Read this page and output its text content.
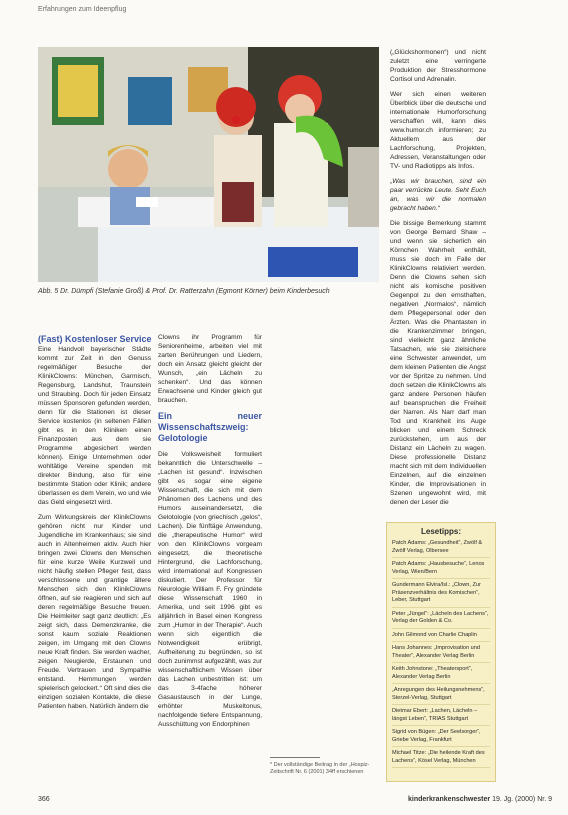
Erfahrungen zum Ideenpflug
Abb. 5 Dr. Dümpfi (Stefanie Groß) & Prof. Dr. Ratterzahn (Egmont Körner) beim Kinderbesuch
(Fast) Kostenloser Service

Eine Handvoll bayerischer Städte kommt zur Zeit in den Genuss regelmäßiger Besuche der KlinikClowns: München, Garmisch, Regensburg, Landshut, Traunstein und Straubing. Doch für jeden Einsatz müssen Sponsoren gefunden werden, denn für die Stationen ist dieser Service kostenlos (in seltenen Fällen gibt es in den Kliniken einen Finanzposten aus dem sie Programme abgesichert werden können). Einige Unternehmen oder wohltätige Vereine spenden mit direkter Bindung, also für eine bestimmte Station oder Klinik; andere überlassen es dem Verein, wo und wie das Geld eingesetzt wird.

Zum Wirkungskreis der KlinikClowns gehören nicht nur Kinder und Jugendliche im Krankenhaus; sie sind auch in Altenheimen aktiv. Auch hier bringen zwei Clowns den Menschen für eine kurze Weile Kurzweil und nicht häufig stellen Pfleger fest, dass verschlossene und grantige ältere Menschen sich den KlinikClowns öffnen, auf sie reagieren und sich auf deren regelmäßige Besuche freuen. Die Heimleiter sagt ganz deutlich: „Es zeigt sich, dass Demenzkranke, die sonst kaum soziale Reaktionen zeigen, im Umgang mit den Clowns neue Kraft finden. Sie werden wacher, zeigen Neugierde, Erstaunen und Freude. Vertrauen und Sympathie entstand. Hemmungen werden spielerisch gelockert.“ Oft sind dies die einzigen sozialen Kontakte, die diese Patienten haben. Natürlich ändern die

Clowns ihr Programm für Seniorenheime, arbeiten viel mit zarten Berührungen und Liedern, doch ein Ansatz gleicht gleicht der Wunsch, „ein Lächeln zu schenken“. Und das können Erwachsene und Kinder gleich gut brauchen.

Ein neuer Wissenschaftszweig: Gelotologie

Die Volksweisheit formuliert bekanntlich die Unterschwelle – „Lachen ist gesund“. Inzwischen gibt es sogar eine eigene Wissenschaft, die sich mit dem Phänomen des Lachens und des Humors auseinandersetzt, die Gelotologie (von griechisch „gelos“, Lachen). Die fünftäge Anwendung, die „therapeutische Humor“ wird von den KlinikClowns vorgeam eingesetzt, die theoretische Hintergrund, die Lachforschung, wird international auf Kongressen diskutiert. Der Professor für Neurologie William F. Fry gründete diese Wissenschaft 1960 in Amerika, und seit 1996 gibt es alljährlich in Basel einen Kongress zum „Humor in der Therapie“. Auch wenn sich eigentlich die Notwendigkeit erübrigt, Aufheiterung zu begründen, so ist doch zunimmst aufgezählt, was zur wissenschaftlichem Wissen über das Lachen unbestritten ist: um das 3-4fache höherer Gasaustausch in der Lunge, erhöhter Muskeltonus, nachfolgende tiefere Entspannung, Ausschüttung von Endorphinen

* Der vollständige Beitrag in der „Hospiz-Zeitschrift Nr. 6 (2001) 34ff erschienen

(„Glückshormonen“) und nicht zuletzt eine verringerte Produktion der Stresshormone Cortisol und Adrenalin.

Wer sich einen weiteren Überblick über die deutsche und internationale Humorforschung verschaffen will, kann dies www.humor.ch informieren; zu Aktuellem aus der Lachforschung, Projekten, Adressen, Veranstaltungen oder TV- und Radiotipps als Infos.

„Was wir brauchen, sind ein paar verrückte Leute. Seht Euch an, was wir die normalen gebracht haben.“

Die bissige Bemerkung stammt von George Bernard Shaw – und wenn sie sicherlich ein Körnchen Wahrheit enthält, muss sie doch im Falle der KlinikClowns relativiert werden. Denn die Clowns sehen sich nicht als komische positiven Gegenpol zu den ernsthaften, negativen „Normalos“, nämlich dem Pflegepersonal oder den Ärzten. Was die Phantasten in die Krankenzimmer bringen, sind vielleicht ganz ähnliche Tatsachen, wie sie zielsichere eine Schwester anwendet, um dem kleinen Patienten die Angst vor der Spritze zu nehmen. Und doch setzen die KlinikClowns als ganz andere Personen häufen auf beanspruchen die Freiheit der Narren. Als Narr darf man Tod und Krankheit ins Auge blicken und einem Schreck zurückstehen, um aus der Distanz ein Lächeln zu wagen. Diese professionelle Distanz macht sich mit dem Individuellen Einzelnen, auf die einzelnen Kinder, die Improvisationen in Szenen ungewohnt wird, mit denen der Leser die

Lesetipps:
Patch Adams: „Gesundheit“, Zwölf & Zwölf Verlag, Olbersee
Patch Adams: „Hausbesuche“, Lenos Verlag, Wien/Bern
Gundermann Elvira/Isl.: „Clown, Zur Präsenzverhältnis des Komischen“, Leber, Stuttgart
Peter „Jüngel“: „Lächeln des Lachens“, Verlag der Golden & Co.
John Gilmond von Charlie Chaplin
Hans Johannes: „Improvisation und Theater“, Alexander Verlag Berlin
Keith Johnstone: „Theatersport“, Alexander Verlag Berlin
„Anregungen des Heilungsnehmens“, Sterzel-Verlag, Stuttgart
Dietmar Ebert: „Lachen, Lächeln – längst Leben“, TRIAS Stuttgart
Sigrid von Bügen: „Der Seelsorger“, Griebe Verlag, Frankfurt
Michael Titze: „Die heilende Kraft des Lachens“, Kösel Verlag, München
366	kinderkrankenschwester 19. Jg. (2000) Nr. 9
